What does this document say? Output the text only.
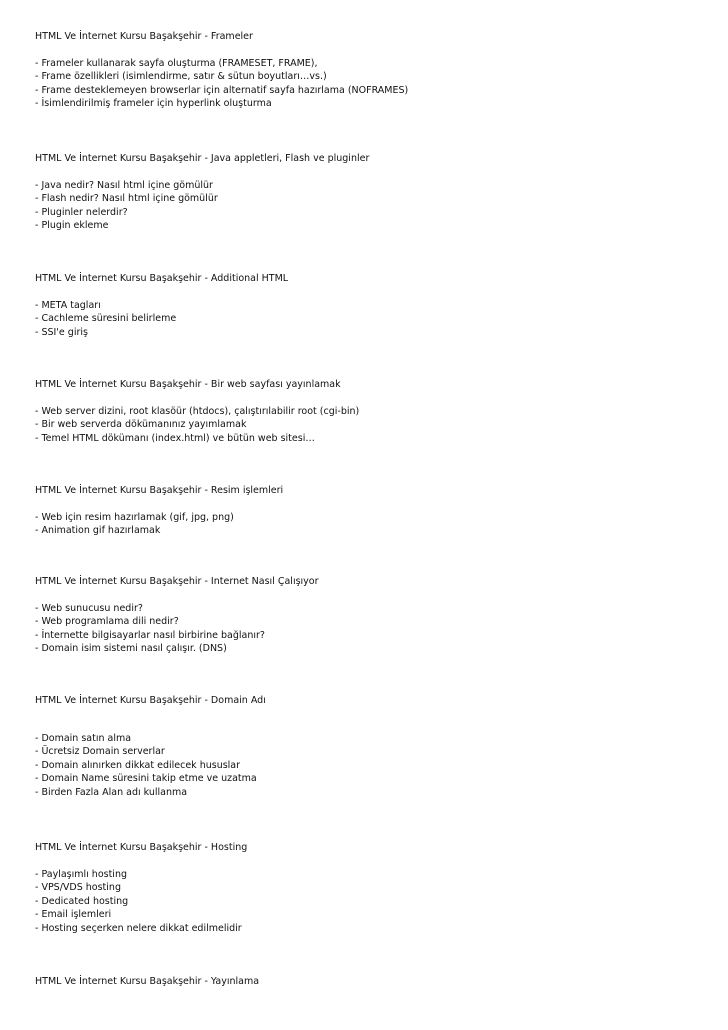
HTML Ve İnternet Kursu Başakşehir - Frameler

- Frameler kullanarak sayfa oluşturma (FRAMESET, FRAME),
- Frame özellikleri (isimlendirme, satır & sütun boyutları…vs.)
- Frame desteklemeyen browserlar için alternatif sayfa hazırlama (NOFRAMES)
- İsimlendirilmiş frameler için hyperlink oluşturma

HTML Ve İnternet Kursu Başakşehir - Java appletleri, Flash ve pluginler

- Java nedir? Nasıl html içine gömülür
- Flash nedir? Nasıl html içine gömülür
- Pluginler nelerdir?
- Plugin ekleme

HTML Ve İnternet Kursu Başakşehir - Additional HTML

- META tagları
- Cachleme süresini belirleme
- SSI'e giriş

HTML Ve İnternet Kursu Başakşehir - Bir web sayfası yayınlamak

- Web server dizini, root klasöür (htdocs), çalıştırılabilir root (cgi-bin)
- Bir web serverda dökümanınız yayımlamak
- Temel HTML dökümanı (index.html) ve bütün web sitesi…

HTML Ve İnternet Kursu Başakşehir - Resim işlemleri

- Web için resim hazırlamak (gif, jpg, png)
- Animation gif hazırlamak

HTML Ve İnternet Kursu Başakşehir - Internet Nasıl Çalışıyor

- Web sunucusu nedir?
- Web programlama dili nedir?
- İnternette bilgisayarlar nasıl birbirine bağlanır?
- Domain isim sistemi nasıl çalışır. (DNS)

HTML Ve İnternet Kursu Başakşehir - Domain Adı

- Domain satın alma
- Ücretsiz Domain serverlar
- Domain alınırken dikkat edilecek hususlar
- Domain Name süresini takip etme ve uzatma
- Birden Fazla Alan adı kullanma

HTML Ve İnternet Kursu Başakşehir - Hosting

- Paylaşımlı hosting
- VPS/VDS hosting
- Dedicated hosting
- Email işlemleri
- Hosting seçerken nelere dikkat edilmelidir

HTML Ve İnternet Kursu Başakşehir - Yayınlama
